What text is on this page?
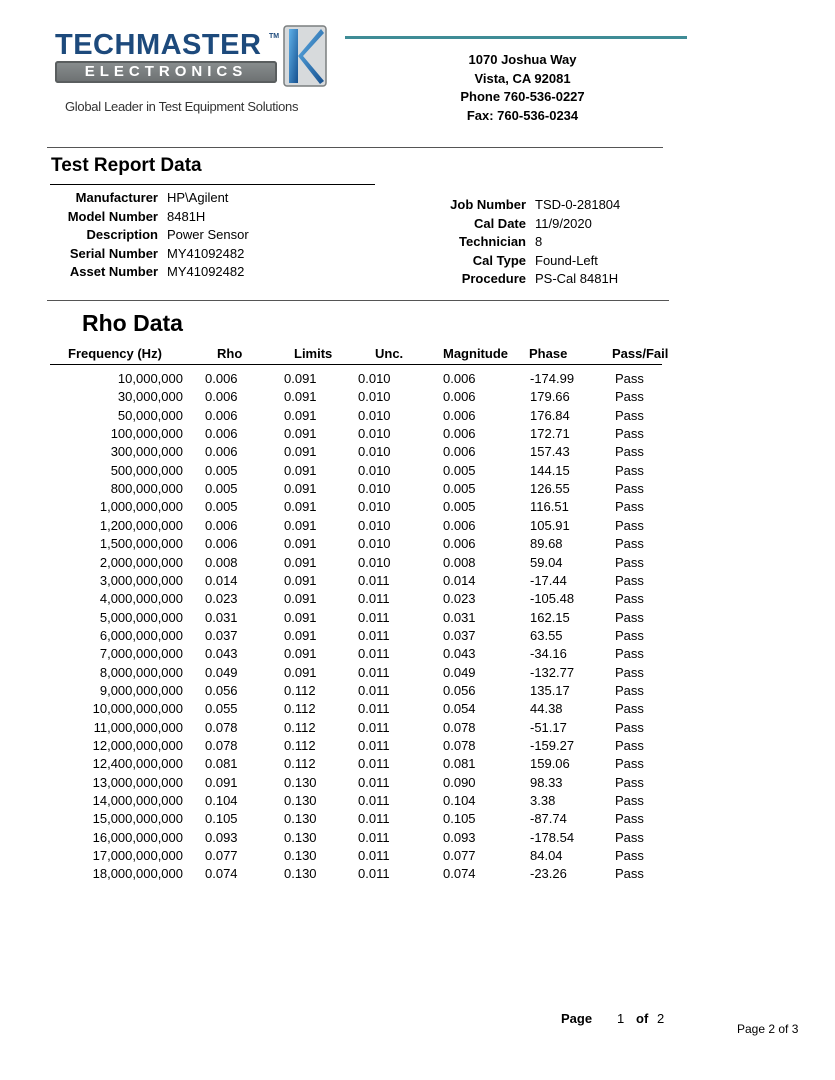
TECHMASTER TM
ELECTRONICS
Global Leader in Test Equipment Solutions
1070 Joshua Way
Vista, CA 92081
Phone 760-536-0227
Fax: 760-536-0234
Test Report Data
Manufacturer HP\Agilent
Model Number 8481H
Description Power Sensor
Serial Number MY41092482
Asset Number MY41092482
Job Number TSD-0-281804
Cal Date 11/9/2020
Technician 8
Cal Type Found-Left
Procedure PS-Cal 8481H
Rho Data
Frequency (Hz)	Rho	Limits	Unc.	Magnitude Phase	Pass/Fail
10,000,000 0.006	0.091	0.010	0.006	-174.99	Pass
30,000,000 0.006	0.091	0.010	0.006	179.66	Pass
50,000,000 0.006	0.091	0.010	0.006	176.84	Pass
100,000,000 0.006	0.091	0.010	0.006	172.71	Pass
300,000,000 0.006	0.091	0.010	0.006	157.43	Pass
500,000,000 0.005	0.091	0.010	0.005	144.15	Pass
800,000,000 0.005	0.091	0.010	0.005	126.55	Pass
1,000,000,000 0.005	0.091	0.010	0.005	116.51	Pass
1,200,000,000 0.006	0.091	0.010	0.006	105.91	Pass
1,500,000,000 0.006	0.091	0.010	0.006	89.68	Pass
2,000,000,000 0.008	0.091	0.010	0.008	59.04	Pass
3,000,000,000 0.014	0.091	0.011	0.014	-17.44	Pass
4,000,000,000 0.023	0.091	0.011	0.023	-105.48	Pass
5,000,000,000 0.031	0.091	0.011	0.031	162.15	Pass
6,000,000,000 0.037	0.091	0.011	0.037	63.55	Pass
7,000,000,000 0.043	0.091	0.011	0.043	-34.16	Pass
8,000,000,000 0.049	0.091	0.011	0.049	-132.77	Pass
9,000,000,000 0.056	0.112	0.011	0.056	135.17	Pass
10,000,000,000 0.055	0.112	0.011	0.054	44.38	Pass
11,000,000,000 0.078	0.112	0.011	0.078	-51.17	Pass
12,000,000,000 0.078	0.112	0.011	0.078	-159.27	Pass
12,400,000,000 0.081	0.112	0.011	0.081	159.06	Pass
13,000,000,000 0.091	0.130	0.011	0.090	98.33	Pass
14,000,000,000 0.104	0.130	0.011	0.104	3.38	Pass
15,000,000,000 0.105	0.130	0.011	0.105	-87.74	Pass
16,000,000,000 0.093	0.130	0.011	0.093	-178.54	Pass
17,000,000,000 0.077	0.130	0.011	0.077	84.04	Pass
18,000,000,000 0.074	0.130	0.011	0.074	-23.26	Pass
Page 1 of 2
Page 2 of 3
